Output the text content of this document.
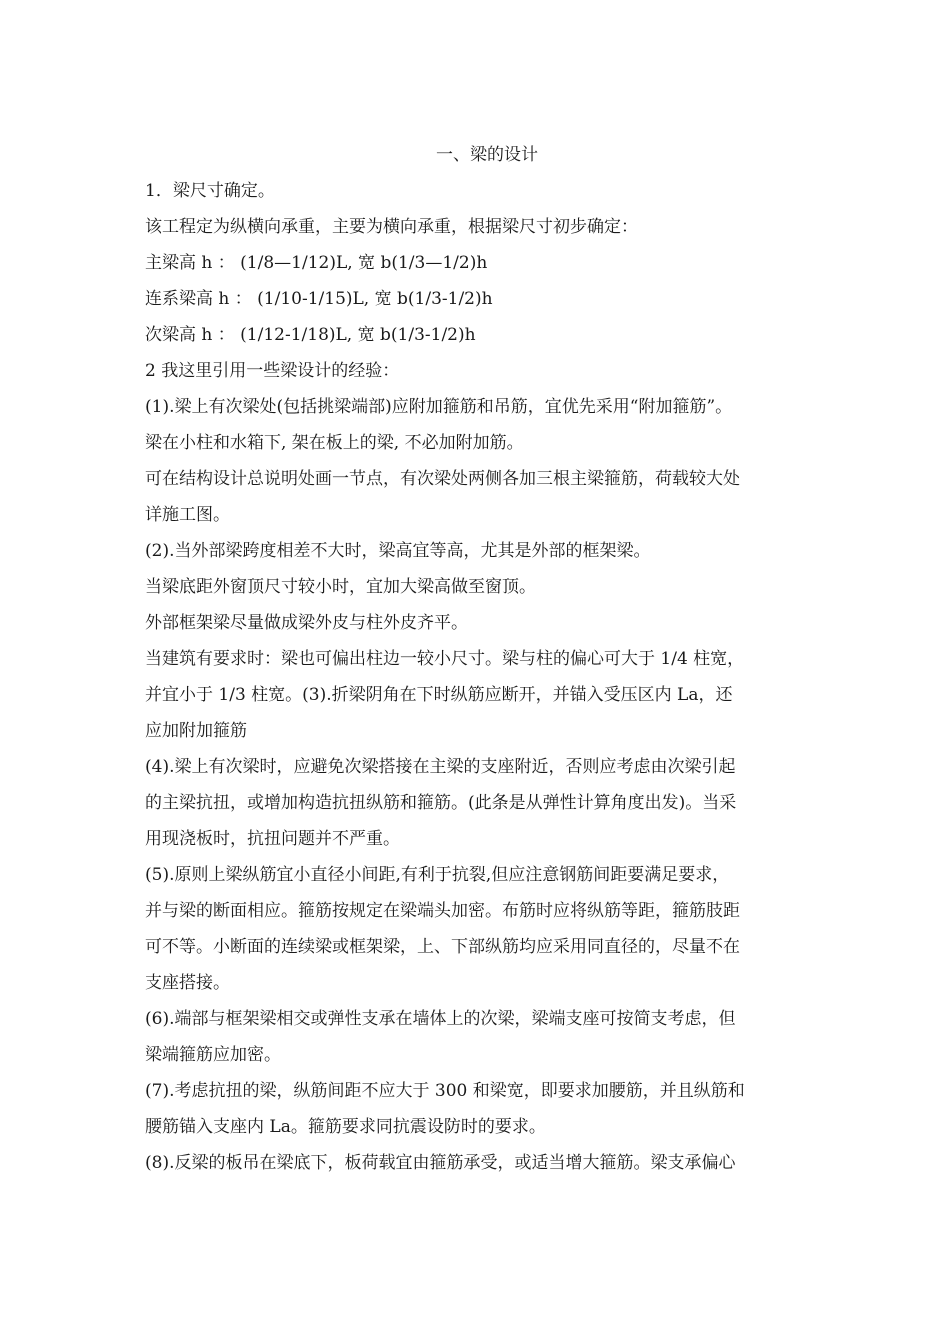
一、梁的设计

1．梁尺寸确定。

该工程定为纵横向承重，主要为横向承重，根据梁尺寸初步确定：

主梁高 h ： (1/8—1/12)L, 宽 b(1/3—1/2)h

连系梁高 h ： (1/10-1/15)L, 宽 b(1/3-1/2)h

次梁高 h ： (1/12-1/18)L, 宽 b(1/3-1/2)h

2 我这里引用一些梁设计的经验：

(1).梁上有次梁处(包括挑梁端部)应附加箍筋和吊筋，宜优先采用“附加箍筋”。

梁在小柱和水箱下, 架在板上的梁, 不必加附加筋。

可在结构设计总说明处画一节点，有次梁处两侧各加三根主梁箍筋，荷载较大处

详施工图。

(2).当外部梁跨度相差不大时，梁高宜等高，尤其是外部的框架梁。

当梁底距外窗顶尺寸较小时，宜加大梁高做至窗顶。

外部框架梁尽量做成梁外皮与柱外皮齐平。

当建筑有要求时：梁也可偏出柱边一较小尺寸。梁与柱的偏心可大于 1/4 柱宽，

并宜小于 1/3 柱宽。(3).折梁阴角在下时纵筋应断开，并锚入受压区内 La，还

应加附加箍筋

(4).梁上有次梁时，应避免次梁搭接在主梁的支座附近，否则应考虑由次梁引起

的主梁抗扭，或增加构造抗扭纵筋和箍筋。(此条是从弹性计算角度出发)。当采

用现浇板时，抗扭问题并不严重。

(5).原则上梁纵筋宜小直径小间距,有利于抗裂,但应注意钢筋间距要满足要求，

并与梁的断面相应。箍筋按规定在梁端头加密。布筋时应将纵筋等距，箍筋肢距

可不等。小断面的连续梁或框架梁，上、下部纵筋均应采用同直径的，尽量不在

支座搭接。

(6).端部与框架梁相交或弹性支承在墙体上的次梁，梁端支座可按简支考虑，但

梁端箍筋应加密。

(7).考虑抗扭的梁，纵筋间距不应大于 300 和梁宽，即要求加腰筋，并且纵筋和

腰筋锚入支座内 La。箍筋要求同抗震设防时的要求。

(8).反梁的板吊在梁底下，板荷载宜由箍筋承受，或适当增大箍筋。梁支承偏心
